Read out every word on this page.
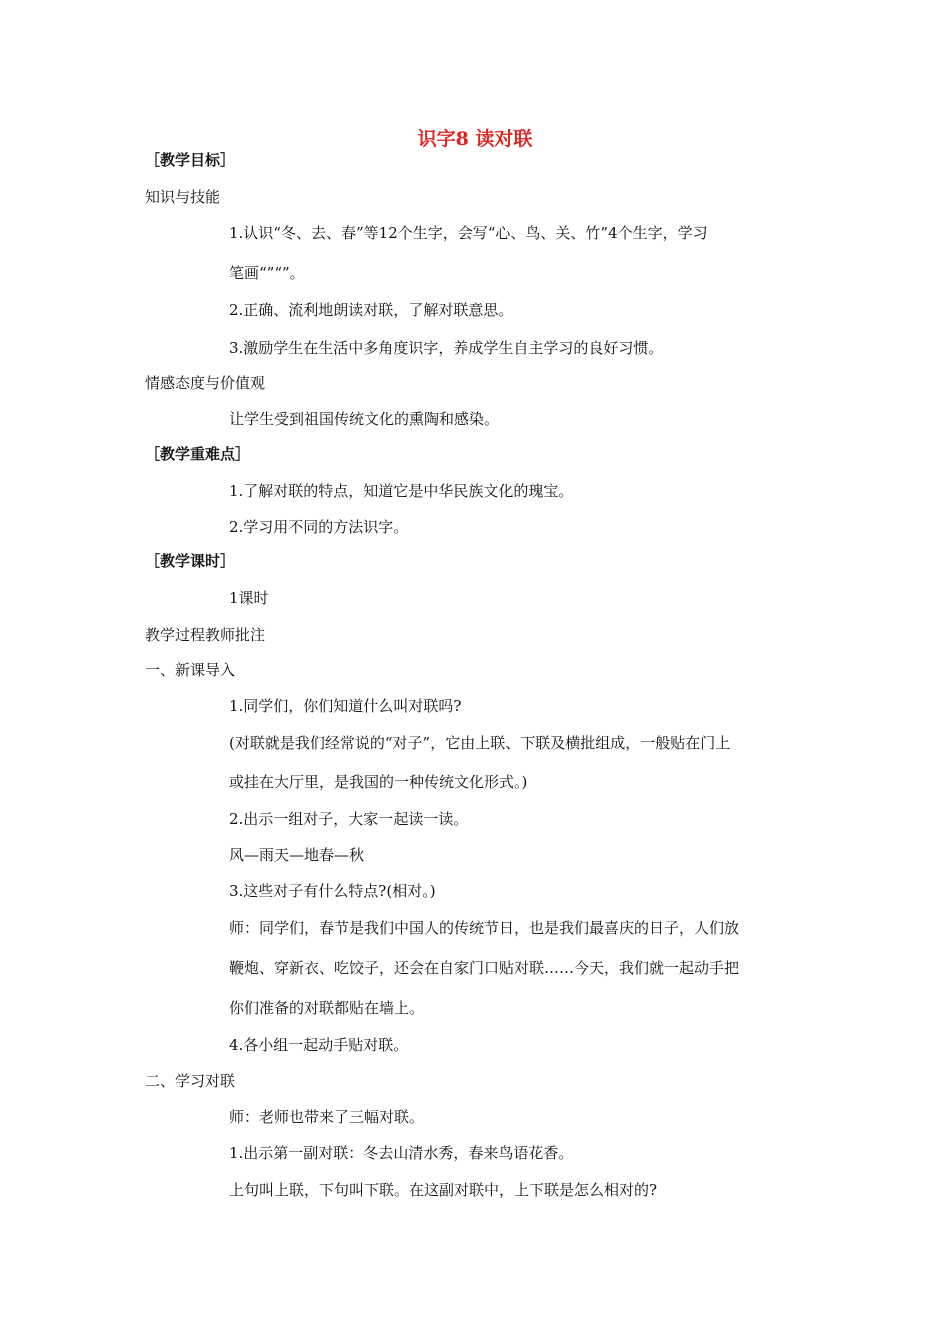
识字8 读对联
［教学目标］
知识与技能
1.认识“冬、去、春”等12个生字，会写“心、鸟、关、竹”4个生字，学习
笔画“”“”。
2.正确、流利地朗读对联，了解对联意思。
3.激励学生在生活中多角度识字，养成学生自主学习的良好习惯。
情感态度与价值观
让学生受到祖国传统文化的熏陶和感染。
［教学重难点］
1.了解对联的特点，知道它是中华民族文化的瑰宝。
2.学习用不同的方法识字。
［教学课时］
1课时
教学过程教师批注
一、新课导入
1.同学们，你们知道什么叫对联吗?
(对联就是我们经常说的“对子”，它由上联、下联及横批组成，一般贴在门上
或挂在大厅里，是我国的一种传统文化形式。)
2.出示一组对子，大家一起读一读。
风—雨天—地春—秋
3.这些对子有什么特点?(相对。)
师：同学们，春节是我们中国人的传统节日，也是我们最喜庆的日子，人们放
鞭炮、穿新衣、吃饺子，还会在自家门口贴对联……今天，我们就一起动手把
你们准备的对联都贴在墙上。
4.各小组一起动手贴对联。
二、学习对联
师：老师也带来了三幅对联。
1.出示第一副对联：冬去山清水秀，春来鸟语花香。
上句叫上联，下句叫下联。在这副对联中，上下联是怎么相对的?
